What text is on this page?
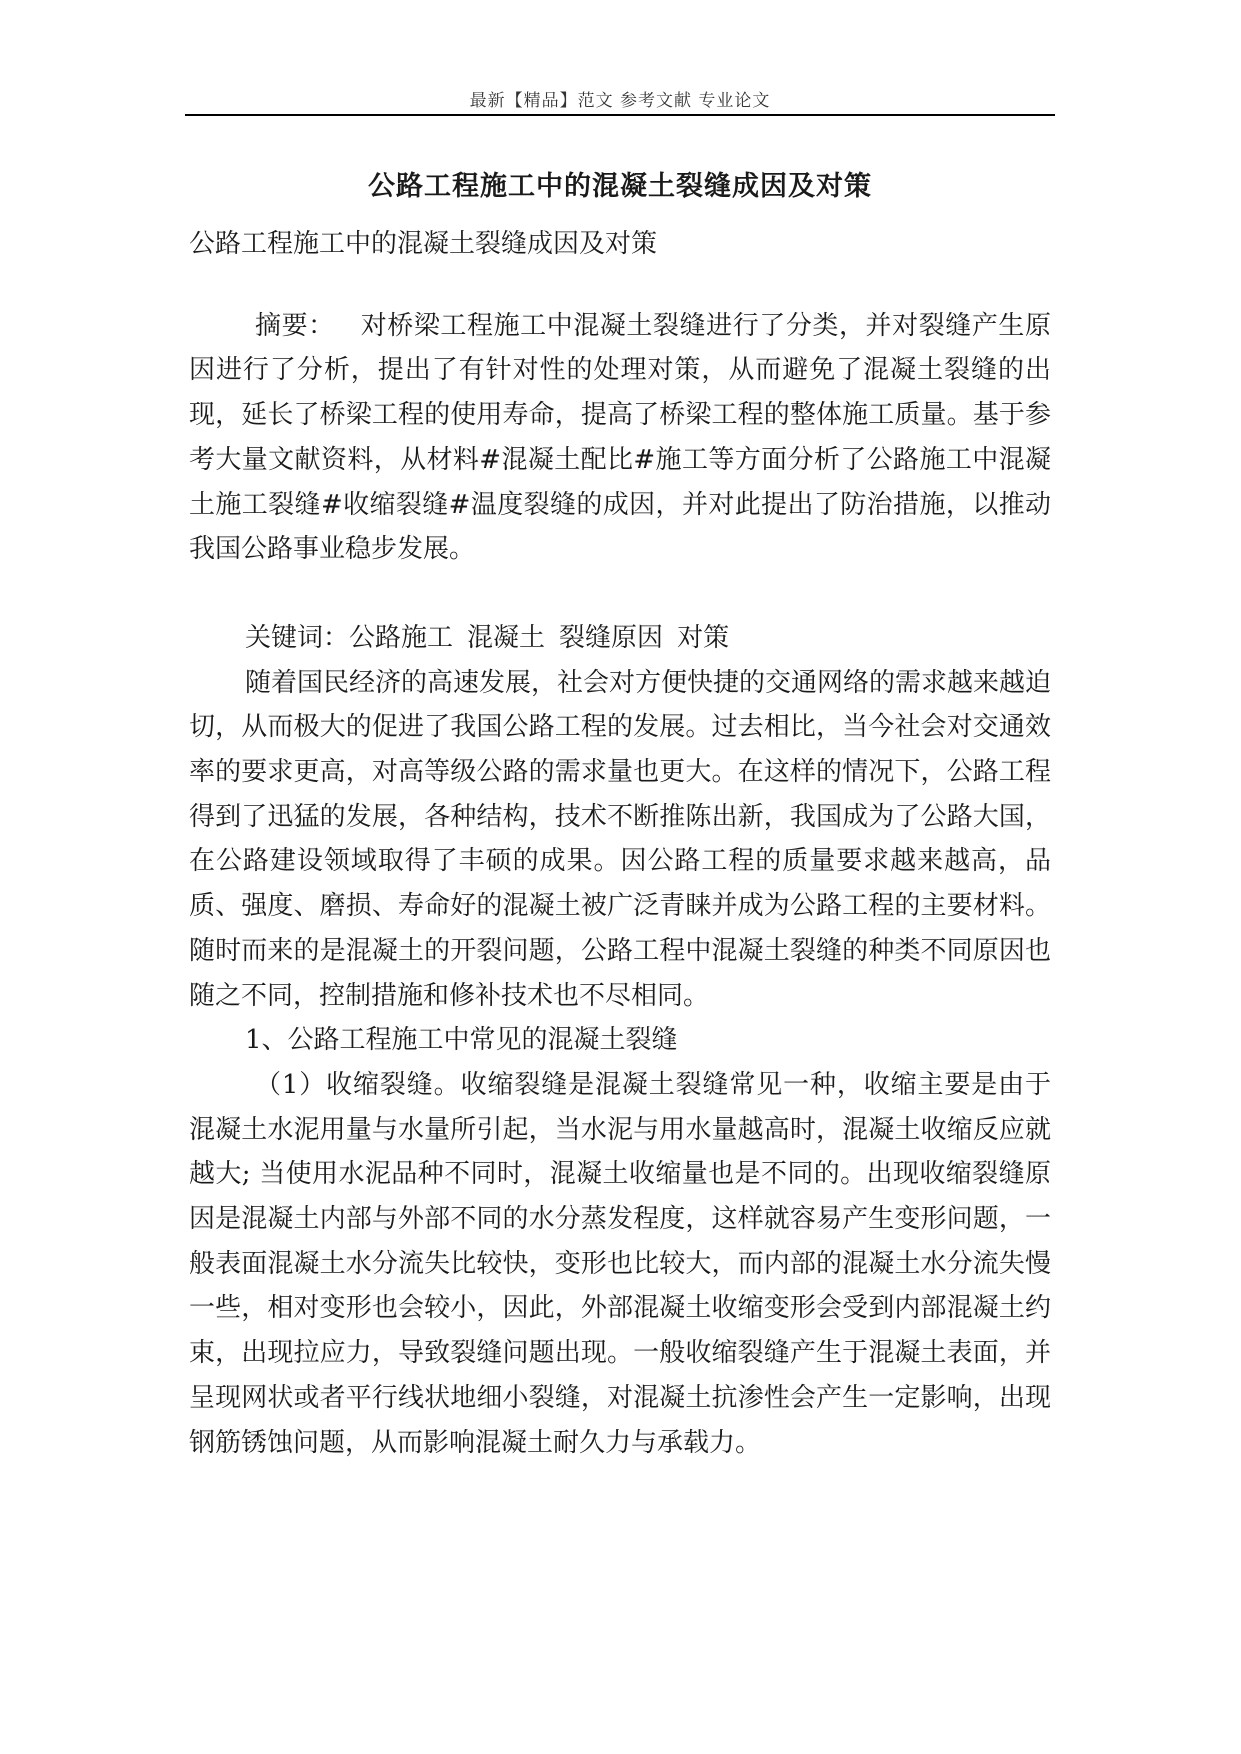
最新【精品】范文 参考文献 专业论文
公路工程施工中的混凝土裂缝成因及对策

公路工程施工中的混凝土裂缝成因及对策

摘要： 对桥梁工程施工中混凝土裂缝进行了分类，并对裂缝产生原因进行了分析，提出了有针对性的处理对策，从而避免了混凝土裂缝的出现，延长了桥梁工程的使用寿命，提高了桥梁工程的整体施工质量。基于参考大量文献资料，从材料#混凝土配比#施工等方面分析了公路施工中混凝土施工裂缝#收缩裂缝#温度裂缝的成因，并对此提出了防治措施，以推动我国公路事业稳步发展。

关键词：公路施工 混凝土 裂缝原因 对策

随着国民经济的高速发展，社会对方便快捷的交通网络的需求越来越迫切，从而极大的促进了我国公路工程的发展。过去相比，当今社会对交通效率的要求更高，对高等级公路的需求量也更大。在这样的情况下，公路工程得到了迅猛的发展，各种结构，技术不断推陈出新，我国成为了公路大国，在公路建设领域取得了丰硕的成果。因公路工程的质量要求越来越高，品质、强度、磨损、寿命好的混凝土被广泛青睐并成为公路工程的主要材料。随时而来的是混凝土的开裂问题，公路工程中混凝土裂缝的种类不同原因也随之不同，控制措施和修补技术也不尽相同。

1、公路工程施工中常见的混凝土裂缝

（1）收缩裂缝。收缩裂缝是混凝土裂缝常见一种，收缩主要是由于混凝土水泥用量与水量所引起，当水泥与用水量越高时，混凝土收缩反应就越大; 当使用水泥品种不同时，混凝土收缩量也是不同的。出现收缩裂缝原因是混凝土内部与外部不同的水分蒸发程度，这样就容易产生变形问题，一般表面混凝土水分流失比较快，变形也比较大，而内部的混凝土水分流失慢一些，相对变形也会较小，因此，外部混凝土收缩变形会受到内部混凝土约束，出现拉应力，导致裂缝问题出现。一般收缩裂缝产生于混凝土表面，并呈现网状或者平行线状地细小裂缝，对混凝土抗渗性会产生一定影响，出现钢筋锈蚀问题，从而影响混凝土耐久力与承载力。
